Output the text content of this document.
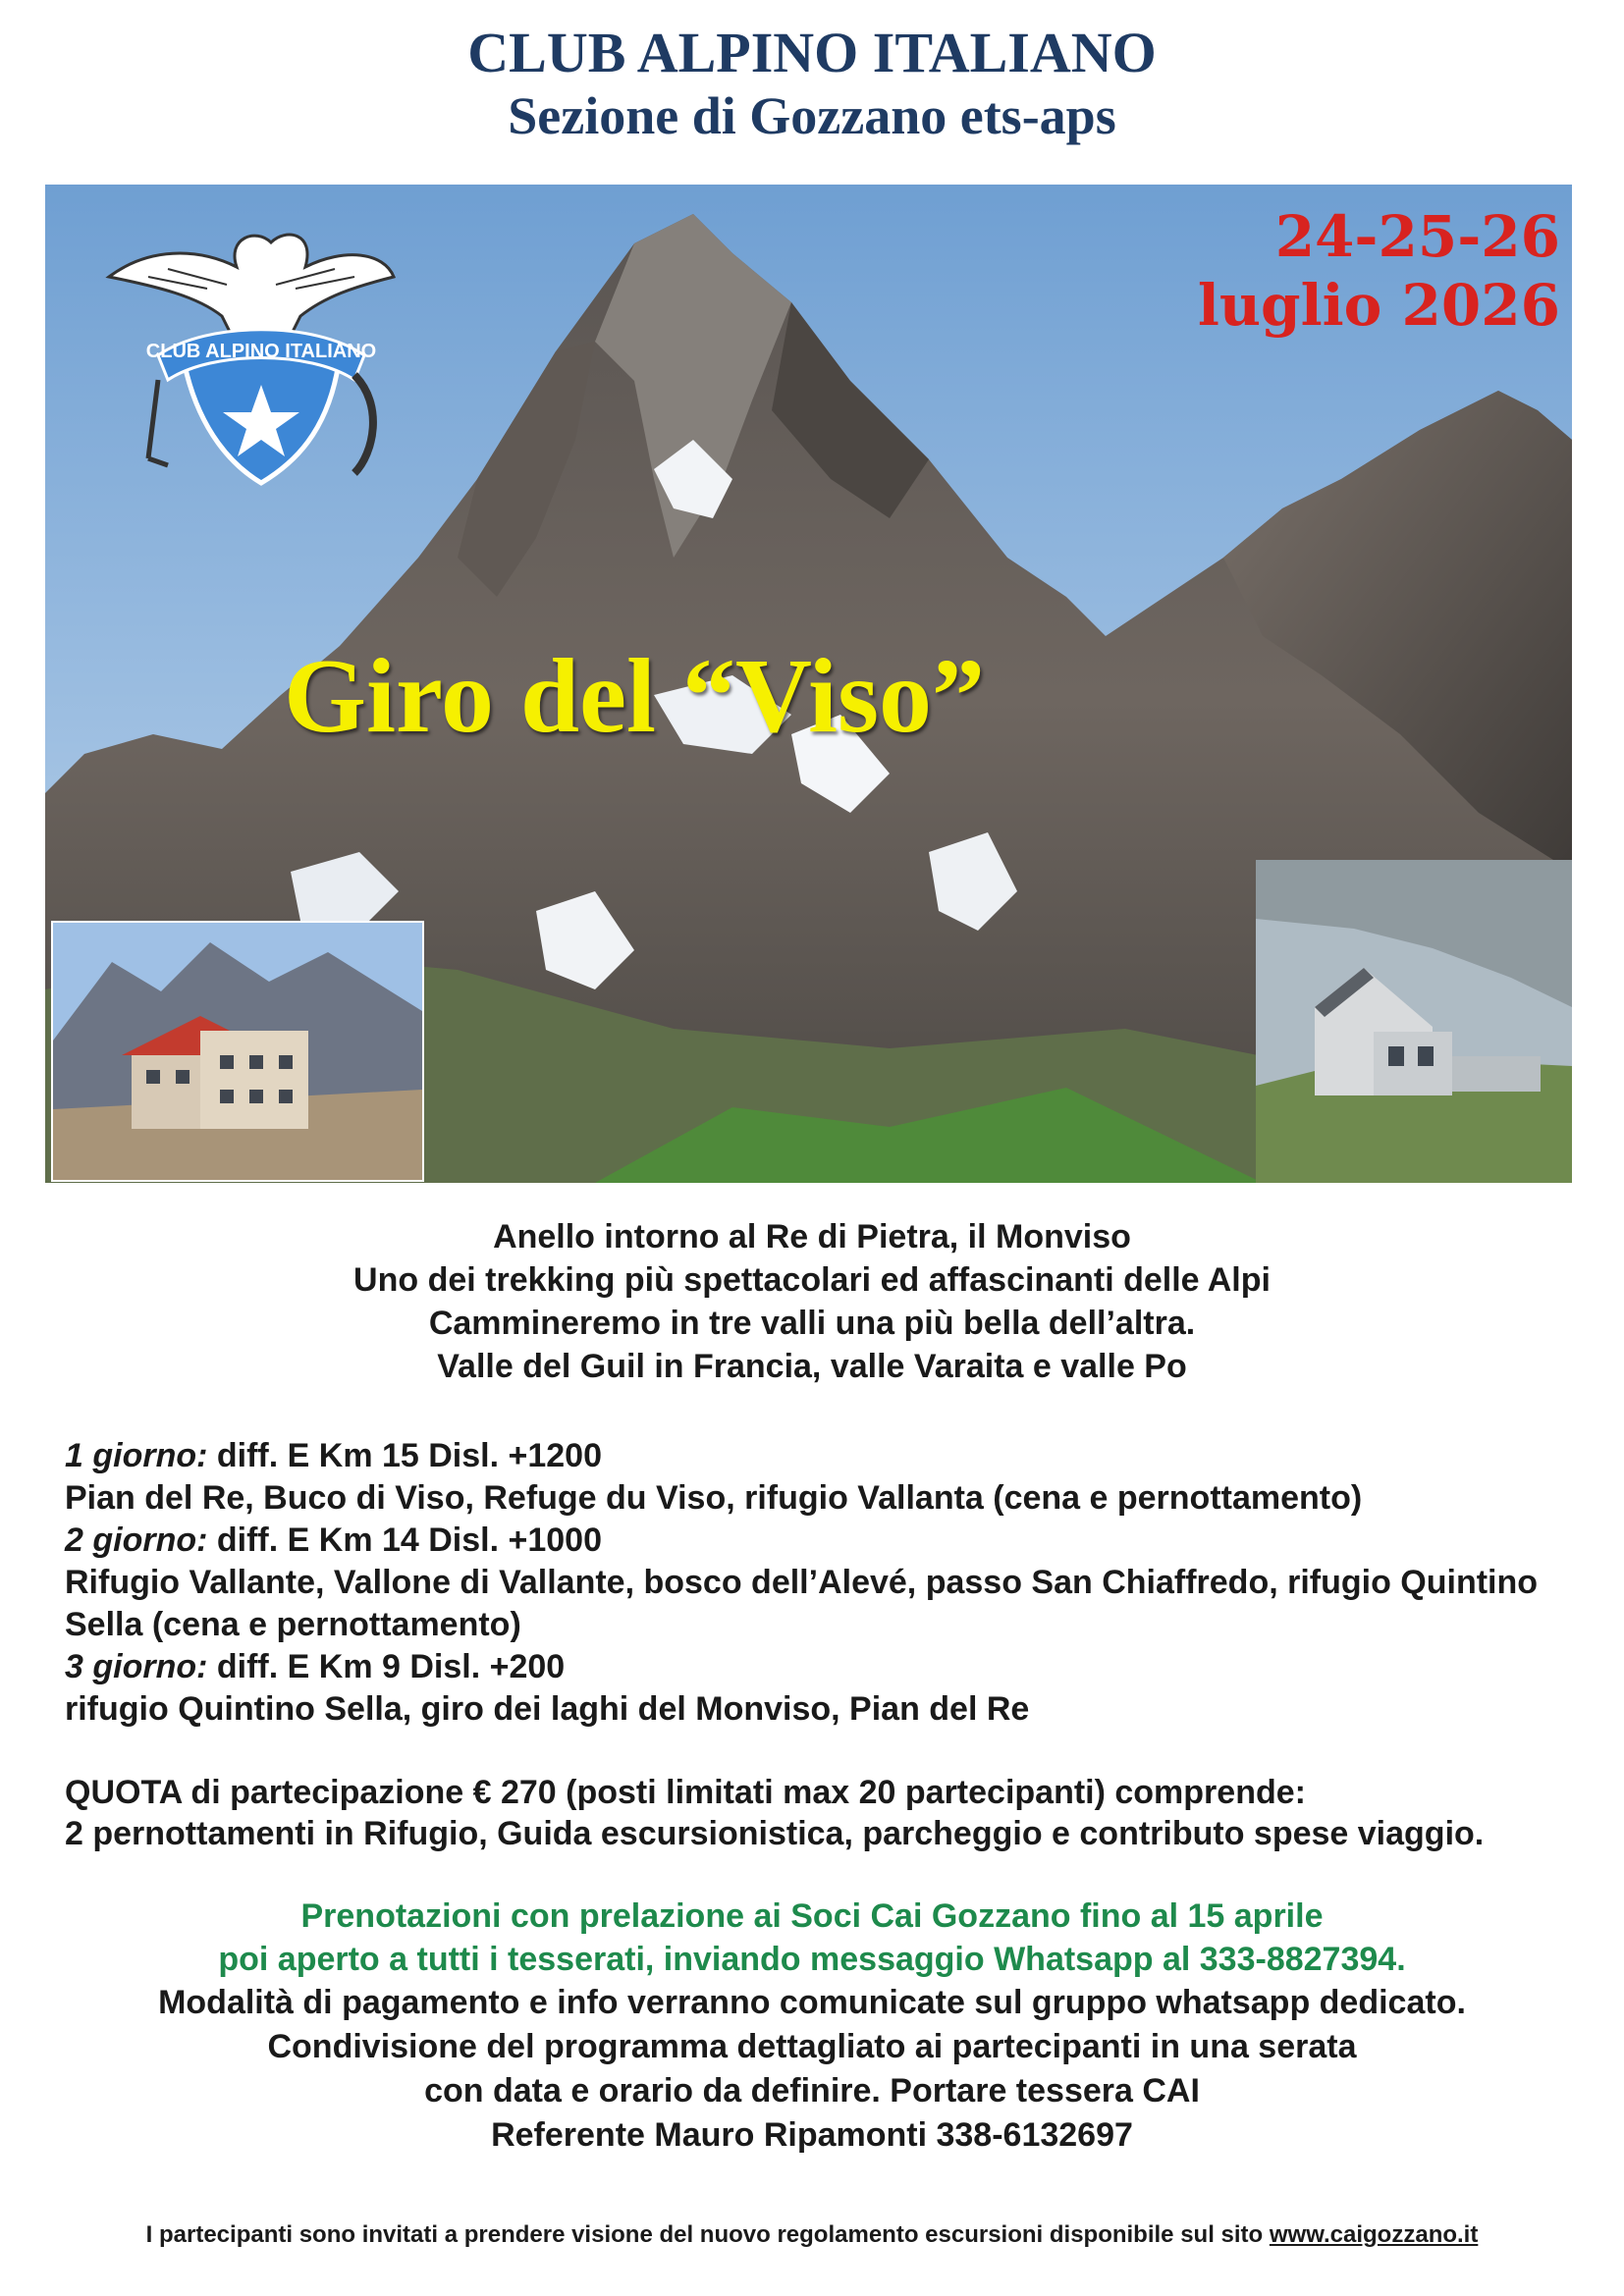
CLUB ALPINO ITALIANO
Sezione di Gozzano ets-aps
CLUB ALPINO ITALIANO
24-25-26
luglio 2026
Giro del “Viso”
Anello intorno al Re di Pietra, il Monviso
Uno dei trekking più spettacolari ed affascinanti delle Alpi
Cammineremo in tre valli una più bella dell’altra.
Valle del Guil in Francia, valle Varaita e valle Po
1 giorno: diff. E Km 15 Disl. +1200
Pian del Re, Buco di Viso, Refuge du Viso, rifugio Vallanta (cena e pernottamento)
2 giorno: diff. E Km 14 Disl. +1000
Rifugio Vallante, Vallone di Vallante, bosco dell’Alevé, passo San Chiaffredo, rifugio Quintino Sella (cena e pernottamento)
3 giorno: diff. E Km 9 Disl. +200
rifugio Quintino Sella, giro dei laghi del Monviso, Pian del Re
QUOTA di partecipazione € 270 (posti limitati max 20 partecipanti) comprende:
2 pernottamenti in Rifugio, Guida escursionistica, parcheggio e contributo spese viaggio.
Prenotazioni con prelazione ai Soci Cai Gozzano fino al 15 aprile
poi aperto a tutti i tesserati, inviando messaggio Whatsapp al 333-8827394.
Modalità di pagamento e info verranno comunicate sul gruppo whatsapp dedicato.
Condivisione del programma dettagliato ai partecipanti in una serata
con data e orario da definire. Portare tessera CAI
Referente Mauro Ripamonti 338-6132697
I partecipanti sono invitati a prendere visione del nuovo regolamento escursioni disponibile sul sito www.caigozzano.it
